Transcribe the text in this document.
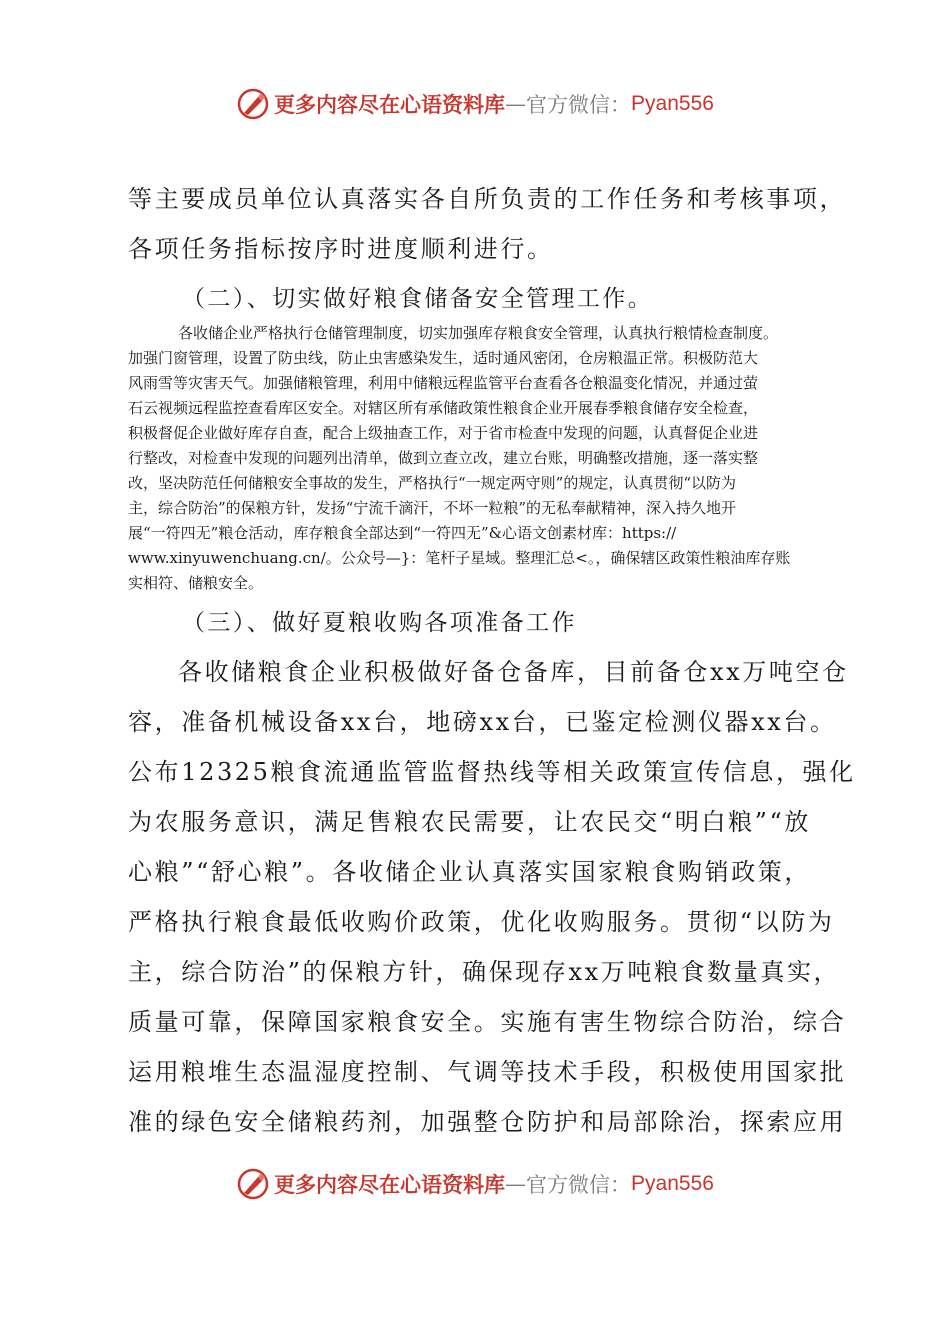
更多内容尽在心语资料库 — 官方微信： Pyan556
等主要成员单位认真落实各自所负责的工作任务和考核事项，
各项任务指标按序时进度顺利进行。
（二）、切实做好粮食储备安全管理工作。
各收储企业严格执行仓储管理制度，切实加强库存粮食安全管理，认真执行粮情检查制度。
加强门窗管理，设置了防虫线，防止虫害感染发生，适时通风密闭，仓房粮温正常。积极防范大
风雨雪等灾害天气。加强储粮管理，利用中储粮远程监管平台查看各仓粮温变化情况，并通过萤
石云视频远程监控查看库区安全。对辖区所有承储政策性粮食企业开展春季粮食储存安全检查，
积极督促企业做好库存自查，配合上级抽查工作，对于省市检查中发现的问题，认真督促企业进
行整改，对检查中发现的问题列出清单，做到立查立改，建立台账，明确整改措施，逐一落实整
改，坚决防范任何储粮安全事故的发生，严格执行“一规定两守则”的规定，认真贯彻“以防为
主，综合防治”的保粮方针，发扬“宁流千滴汗，不坏一粒粮”的无私奉献精神，深入持久地开
展“一符四无”粮仓活动，库存粮食全部达到“一符四无”&心语文创素材库：https://
www.xinyuwenchuang.cn/。公众号—}：笔杆子星域。整理汇总<。，确保辖区政策性粮油库存账
实相符、储粮安全。
（三）、做好夏粮收购各项准备工作
各收储粮食企业积极做好备仓备库，目前备仓xx万吨空仓
容，准备机械设备xx台，地磅xx台，已鉴定检测仪器xx台。
公布12325粮食流通监管监督热线等相关政策宣传信息，强化
为农服务意识，满足售粮农民需要，让农民交“明白粮”“放
心粮”“舒心粮”。各收储企业认真落实国家粮食购销政策，
严格执行粮食最低收购价政策，优化收购服务。贯彻“以防为
主，综合防治”的保粮方针，确保现存xx万吨粮食数量真实，
质量可靠，保障国家粮食安全。实施有害生物综合防治，综合
运用粮堆生态温湿度控制、气调等技术手段，积极使用国家批
准的绿色安全储粮药剂，加强整仓防护和局部除治，探索应用
更多内容尽在心语资料库 — 官方微信： Pyan556
